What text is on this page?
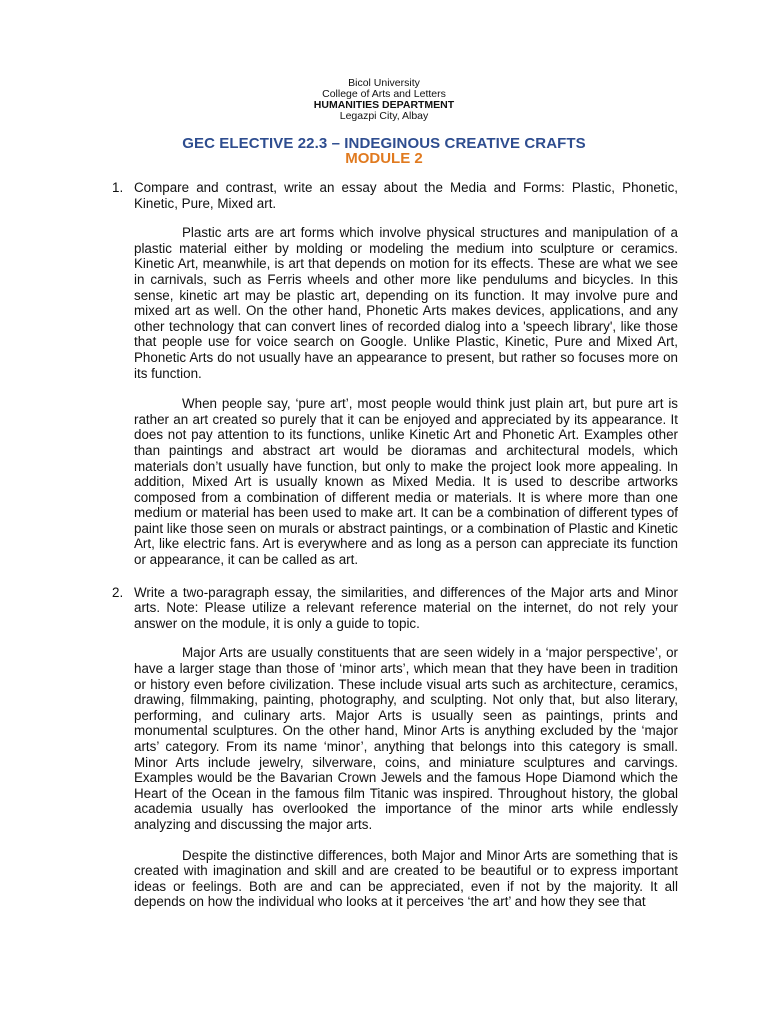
Bicol University
College of Arts and Letters
HUMANITIES DEPARTMENT
Legazpi City, Albay
GEC ELECTIVE 22.3 – INDEGINOUS CREATIVE CRAFTS
MODULE 2
1. Compare and contrast, write an essay about the Media and Forms: Plastic, Phonetic, Kinetic, Pure, Mixed art.

Plastic arts are art forms which involve physical structures and manipulation of a plastic material either by molding or modeling the medium into sculpture or ceramics. Kinetic Art, meanwhile, is art that depends on motion for its effects. These are what we see in carnivals, such as Ferris wheels and other more like pendulums and bicycles. In this sense, kinetic art may be plastic art, depending on its function. It may involve pure and mixed art as well. On the other hand, Phonetic Arts makes devices, applications, and any other technology that can convert lines of recorded dialog into a 'speech library', like those that people use for voice search on Google. Unlike Plastic, Kinetic, Pure and Mixed Art, Phonetic Arts do not usually have an appearance to present, but rather so focuses more on its function.

When people say, ‘pure art’, most people would think just plain art, but pure art is rather an art created so purely that it can be enjoyed and appreciated by its appearance. It does not pay attention to its functions, unlike Kinetic Art and Phonetic Art. Examples other than paintings and abstract art would be dioramas and architectural models, which materials don’t usually have function, but only to make the project look more appealing. In addition, Mixed Art is usually known as Mixed Media. It is used to describe artworks composed from a combination of different media or materials. It is where more than one medium or material has been used to make art. It can be a combination of different types of paint like those seen on murals or abstract paintings, or a combination of Plastic and Kinetic Art, like electric fans. Art is everywhere and as long as a person can appreciate its function or appearance, it can be called as art.

2. Write a two-paragraph essay, the similarities, and differences of the Major arts and Minor arts. Note: Please utilize a relevant reference material on the internet, do not rely your answer on the module, it is only a guide to topic.

Major Arts are usually constituents that are seen widely in a ‘major perspective’, or have a larger stage than those of ‘minor arts’, which mean that they have been in tradition or history even before civilization. These include visual arts such as architecture, ceramics, drawing, filmmaking, painting, photography, and sculpting. Not only that, but also literary, performing, and culinary arts. Major Arts is usually seen as paintings, prints and monumental sculptures. On the other hand, Minor Arts is anything excluded by the ‘major arts’ category. From its name ‘minor’, anything that belongs into this category is small. Minor Arts include jewelry, silverware, coins, and miniature sculptures and carvings. Examples would be the Bavarian Crown Jewels and the famous Hope Diamond which the Heart of the Ocean in the famous film Titanic was inspired. Throughout history, the global academia usually has overlooked the importance of the minor arts while endlessly analyzing and discussing the major arts.

Despite the distinctive differences, both Major and Minor Arts are something that is created with imagination and skill and are created to be beautiful or to express important ideas or feelings. Both are and can be appreciated, even if not by the majority. It all depends on how the individual who looks at it perceives ‘the art’ and how they see that
